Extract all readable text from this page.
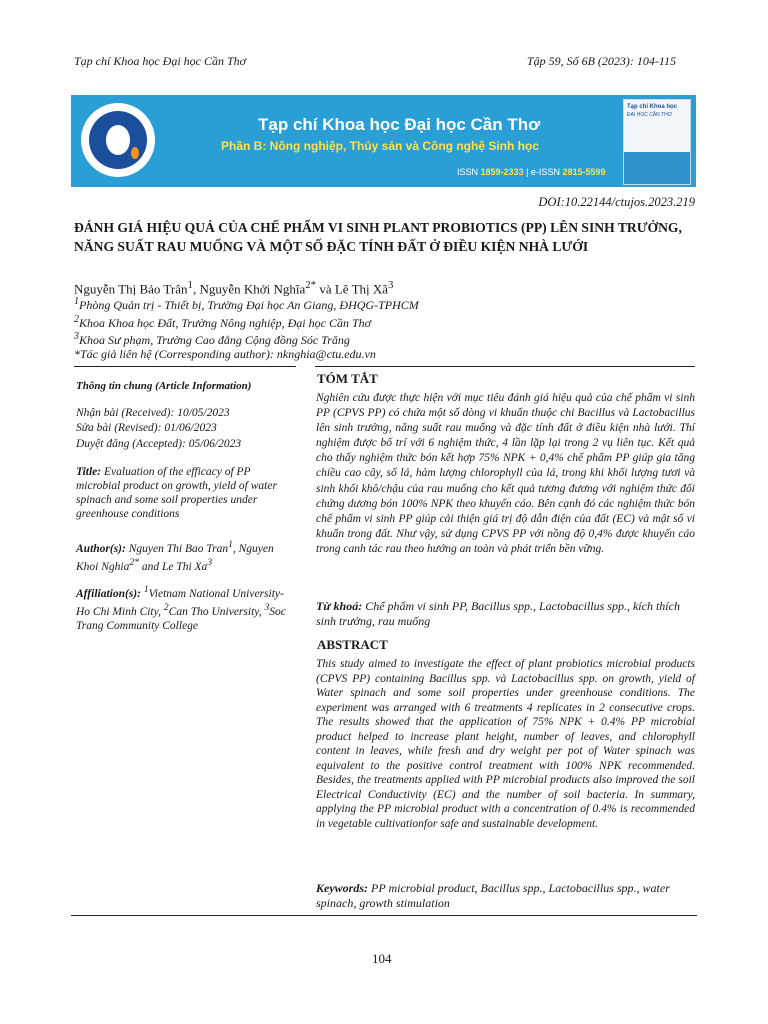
Tạp chí Khoa học Đại học Cần Thơ	Tập 59, Số 6B (2023): 104-115
Tạp chí Khoa học Đại học Cần Thơ
Phần B: Nông nghiệp, Thủy sản và Công nghệ Sinh học
ISSN 1859-2333 | e-ISSN 2815-5599
Tạp chí Khoa học
ĐẠI HỌC CẦN THƠ
DOI:10.22144/ctujos.2023.219
ĐÁNH GIÁ HIỆU QUẢ CỦA CHẾ PHẨM VI SINH PLANT PROBIOTICS (PP) LÊN SINH TRƯỞNG, NĂNG SUẤT RAU MUỐNG VÀ MỘT SỐ ĐẶC TÍNH ĐẤT Ở ĐIỀU KIỆN NHÀ LƯỚI
Nguyễn Thị Bảo Trân$^1$, Nguyễn Khởi Nghĩa$^{2*}$ và Lê Thị $Xã^3$
$^1$Phòng Quản trị - Thiết bị, Trường Đại học An Giang, ĐHQG-TPHCM
$^2$Khoa Khoa học Đất, Trường Nông nghiệp, Đại học Cần Thơ
$^3$Khoa Sư phạm, Trường Cao đẳng Cộng đồng Sóc Trăng
*Tác giả liên hệ (Corresponding author): nknghia@ctu.edu.vn
Thông tin chung (Article Information)
Nhận bài (Received): 10/05/2023
Sửa bài (Revised): 01/06/2023
Duyệt đăng (Accepted): 05/06/2023
Title: Evaluation of the efficacy of PP microbial product on growth, yield of water spinach and some soil properties under greenhouse conditions
Author(s): Nguyen Thi Bao Tran$^1$, Nguyen Khoi Nghia$^{2*}$ and Le Thi Xa$^3$
Affiliation(s): $^1$Vietnam National University-Ho Chi Minh City, $^2$Can Tho University, $^3$Soc Trang Community College
TÓM TẮT
Nghiên cứu được thực hiện với mục tiêu đánh giá hiệu quả của chế phẩm vi sinh PP (CPVS PP) có chứa một số dòng vi khuẩn thuộc chi Bacillus và Lactobacillus lên sinh trưởng, năng suất rau muống và đặc tính đất ở điều kiện nhà lưới. Thí nghiệm được bố trí với 6 nghiệm thức, 4 lần lặp lại trong 2 vụ liên tục. Kết quả cho thấy nghiệm thức bón kết hợp 75% NPK + 0,4% chế phẩm PP giúp gia tăng chiều cao cây, số lá, hàm lượng chlorophyll của lá, trong khi khối lượng tươi và sinh khối khô/chậu của rau muống cho kết quả tương đương với nghiệm thức đối chứng dương bón 100% NPK theo khuyến cáo. Bên cạnh đó các nghiệm thức bón chế phẩm vi sinh PP giúp cải thiện giá trị độ dẫn điện của đất (EC) và mật số vi khuẩn trong đất. Như vậy, sử dụng CPVS PP với nồng độ 0,4% được khuyến cáo trong canh tác rau theo hướng an toàn và phát triển bền vững.
Từ khoá: Chế phẩm vi sinh PP, Bacillus spp., Lactobacillus spp., kích thích sinh trưởng, rau muống
ABSTRACT
This study aimed to investigate the effect of plant probiotics microbial products (CPVS PP) containing Bacillus spp. và Lactobacillus spp. on growth, yield of Water spinach and some soil properties under greenhouse conditions. The experiment was arranged with 6 treatments 4 replicates in 2 consecutive crops. The results showed that the application of 75% NPK + 0.4% PP microbial product helped to increase plant height, number of leaves, and chlorophyll content in leaves, while fresh and dry weight per pot of Water spinach was equivalent to the positive control treatment with 100% NPK recommended. Besides, the treatments applied with PP microbial products also improved the soil Electrical Conductivity (EC) and the number of soil bacteria. In summary, applying the PP microbial product with a concentration of 0.4% is recommended in vegetable cultivationfor safe and sustainable development.
Keywords: PP microbial product, Bacillus spp., Lactobacillus spp., water spinach, growth stimulation
104
